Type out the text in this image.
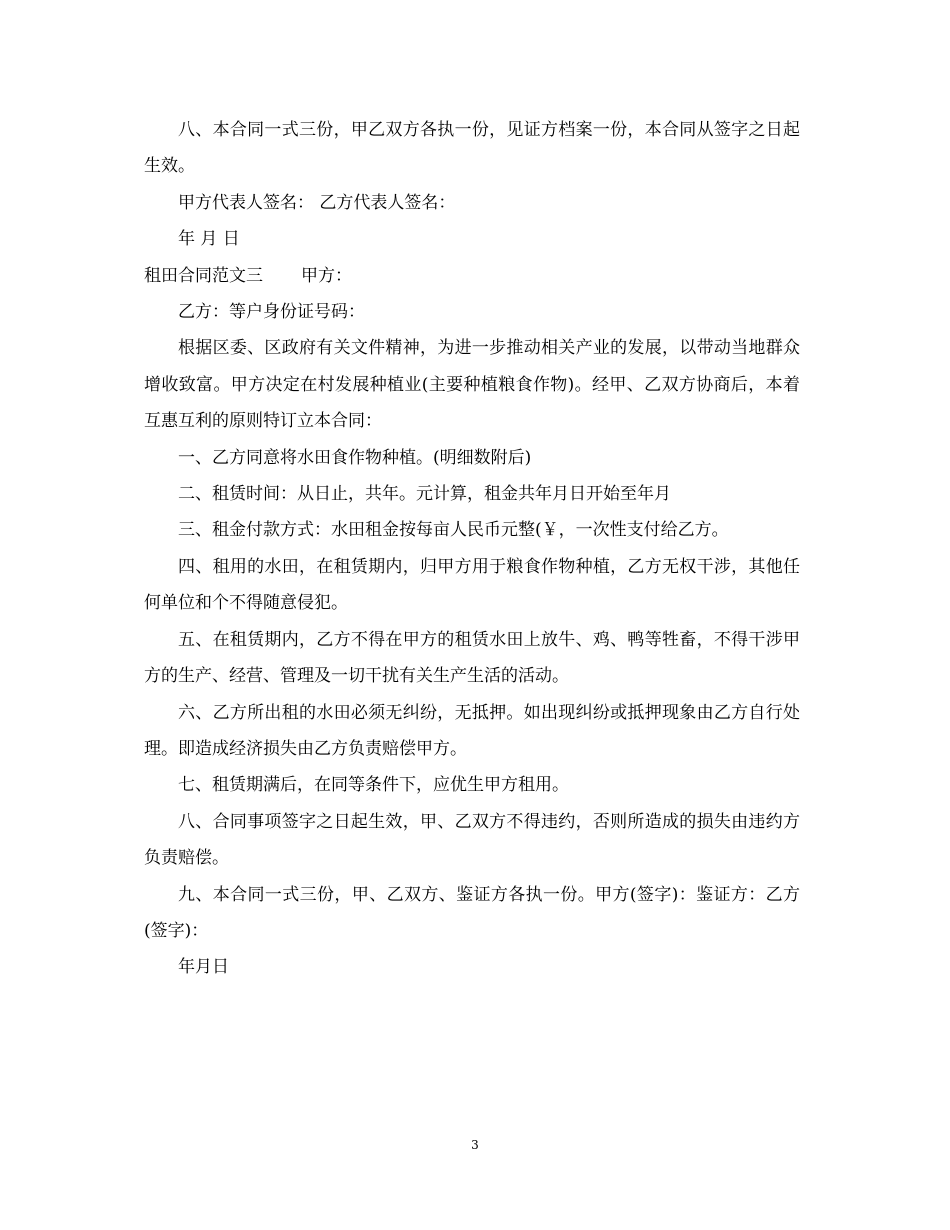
八、本合同一式三份，甲乙双方各执一份，见证方档案一份，本合同从签字之日起生效。

甲方代表人签名： 乙方代表人签名：

年 月 日

租田合同范文三 甲方：

乙方：等户身份证号码：

根据区委、区政府有关文件精神，为进一步推动相关产业的发展，以带动当地群众增收致富。甲方决定在村发展种植业(主要种植粮食作物)。经甲、乙双方协商后，本着互惠互利的原则特订立本合同：

一、乙方同意将水田食作物种植。(明细数附后)

二、租赁时间：从日止，共年。元计算，租金共年月日开始至年月

三、租金付款方式：水田租金按每亩人民币元整(￥，一次性支付给乙方。

四、租用的水田，在租赁期内，归甲方用于粮食作物种植，乙方无权干涉，其他任何单位和个不得随意侵犯。

五、在租赁期内，乙方不得在甲方的租赁水田上放牛、鸡、鸭等牲畜，不得干涉甲方的生产、经营、管理及一切干扰有关生产生活的活动。

六、乙方所出租的水田必须无纠纷，无抵押。如出现纠纷或抵押现象由乙方自行处理。即造成经济损失由乙方负责赔偿甲方。

七、租赁期满后，在同等条件下，应优生甲方租用。

八、合同事项签字之日起生效，甲、乙双方不得违约，否则所造成的损失由违约方负责赔偿。

九、本合同一式三份，甲、乙双方、鉴证方各执一份。甲方(签字)：鉴证方：乙方(签字)：

年月日

3
